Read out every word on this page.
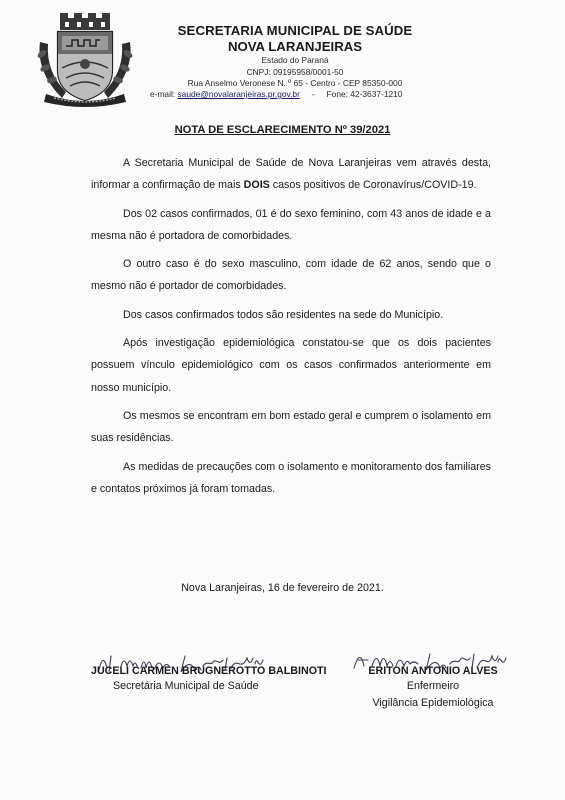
SECRETARIA MUNICIPAL DE SAÚDE
NOVA LARANJEIRAS
Estado do Paraná
CNPJ: 09195958/0001-50
Rua Anselmo Veronese N. º 65 - Centro - CEP 85350-000
e-mail: saude@novalaranjeiras.pr.gov.br - Fone: 42-3637-1210
NOTA DE ESCLARECIMENTO Nº 39/2021

A Secretaria Municipal de Saúde de Nova Laranjeiras vem através desta, informar a confirmação de mais DOIS casos positivos de Coronavírus/COVID-19.

Dos 02 casos confirmados, 01 é do sexo feminino, com 43 anos de idade e a mesma não é portadora de comorbidades.

O outro caso é do sexo masculino, com idade de 62 anos, sendo que o mesmo não é portador de comorbidades.

Dos casos confirmados todos são residentes na sede do Município.

Após investigação epidemiológica constatou-se que os dois pacientes possuem vínculo epidemiológico com os casos confirmados anteriormente em nosso município.

Os mesmos se encontram em bom estado geral e cumprem o isolamento em suas residências.

As medidas de precauções com o isolamento e monitoramento dos familiares e contatos próximos já foram tomadas.

Nova Laranjeiras, 16 de fevereiro de 2021.
JUCELI CARMEN BRUGNEROTTO BALBINOTI
Secretária Municipal de Saúde
ERITON ANTONIO ALVES
Enfermeiro
Vigilância Epidemiológica
